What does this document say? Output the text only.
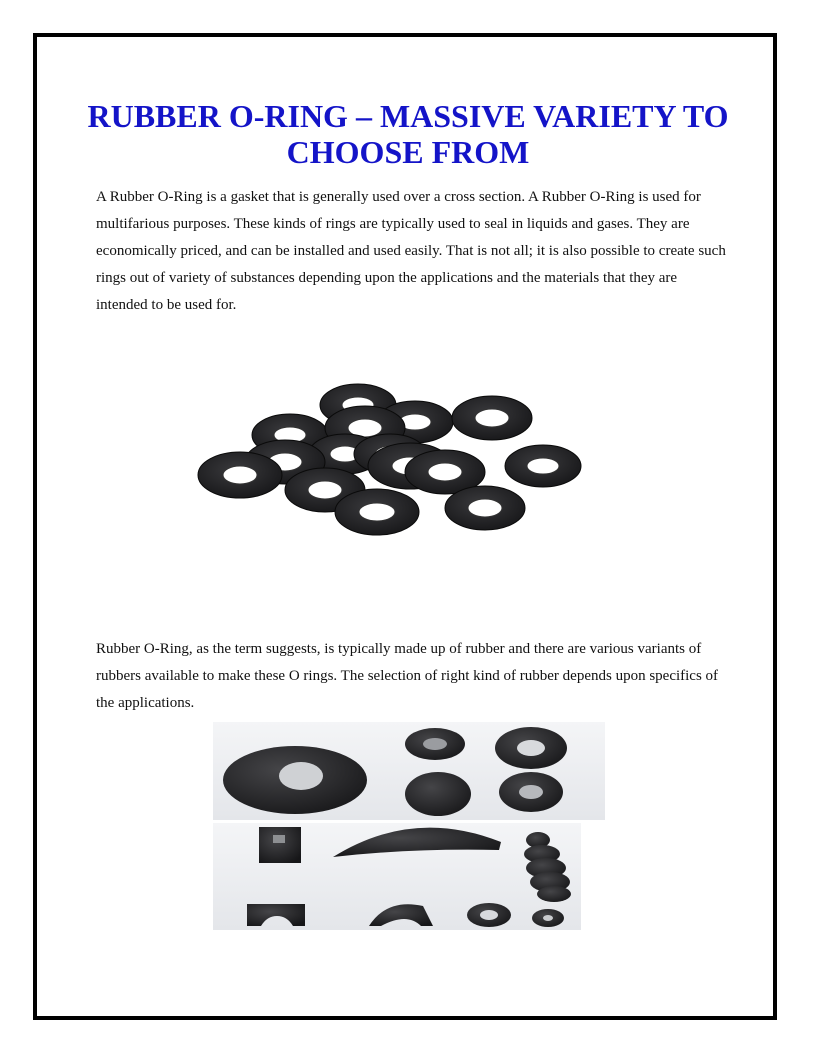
RUBBER O-RING – MASSIVE VARIETY TO CHOOSE FROM

A Rubber O-Ring is a gasket that is generally used over a cross section. A Rubber O-Ring is used for multifarious purposes. These kinds of rings are typically used to seal in liquids and gases. They are economically priced, and can be installed and used easily. That is not all; it is also possible to create such rings out of variety of substances depending upon the applications and the materials that they are intended to be used for.

Rubber O-Ring, as the term suggests, is typically made up of rubber and there are various variants of rubbers available to make these O rings. The selection of right kind of rubber depends upon specifics of the applications.
